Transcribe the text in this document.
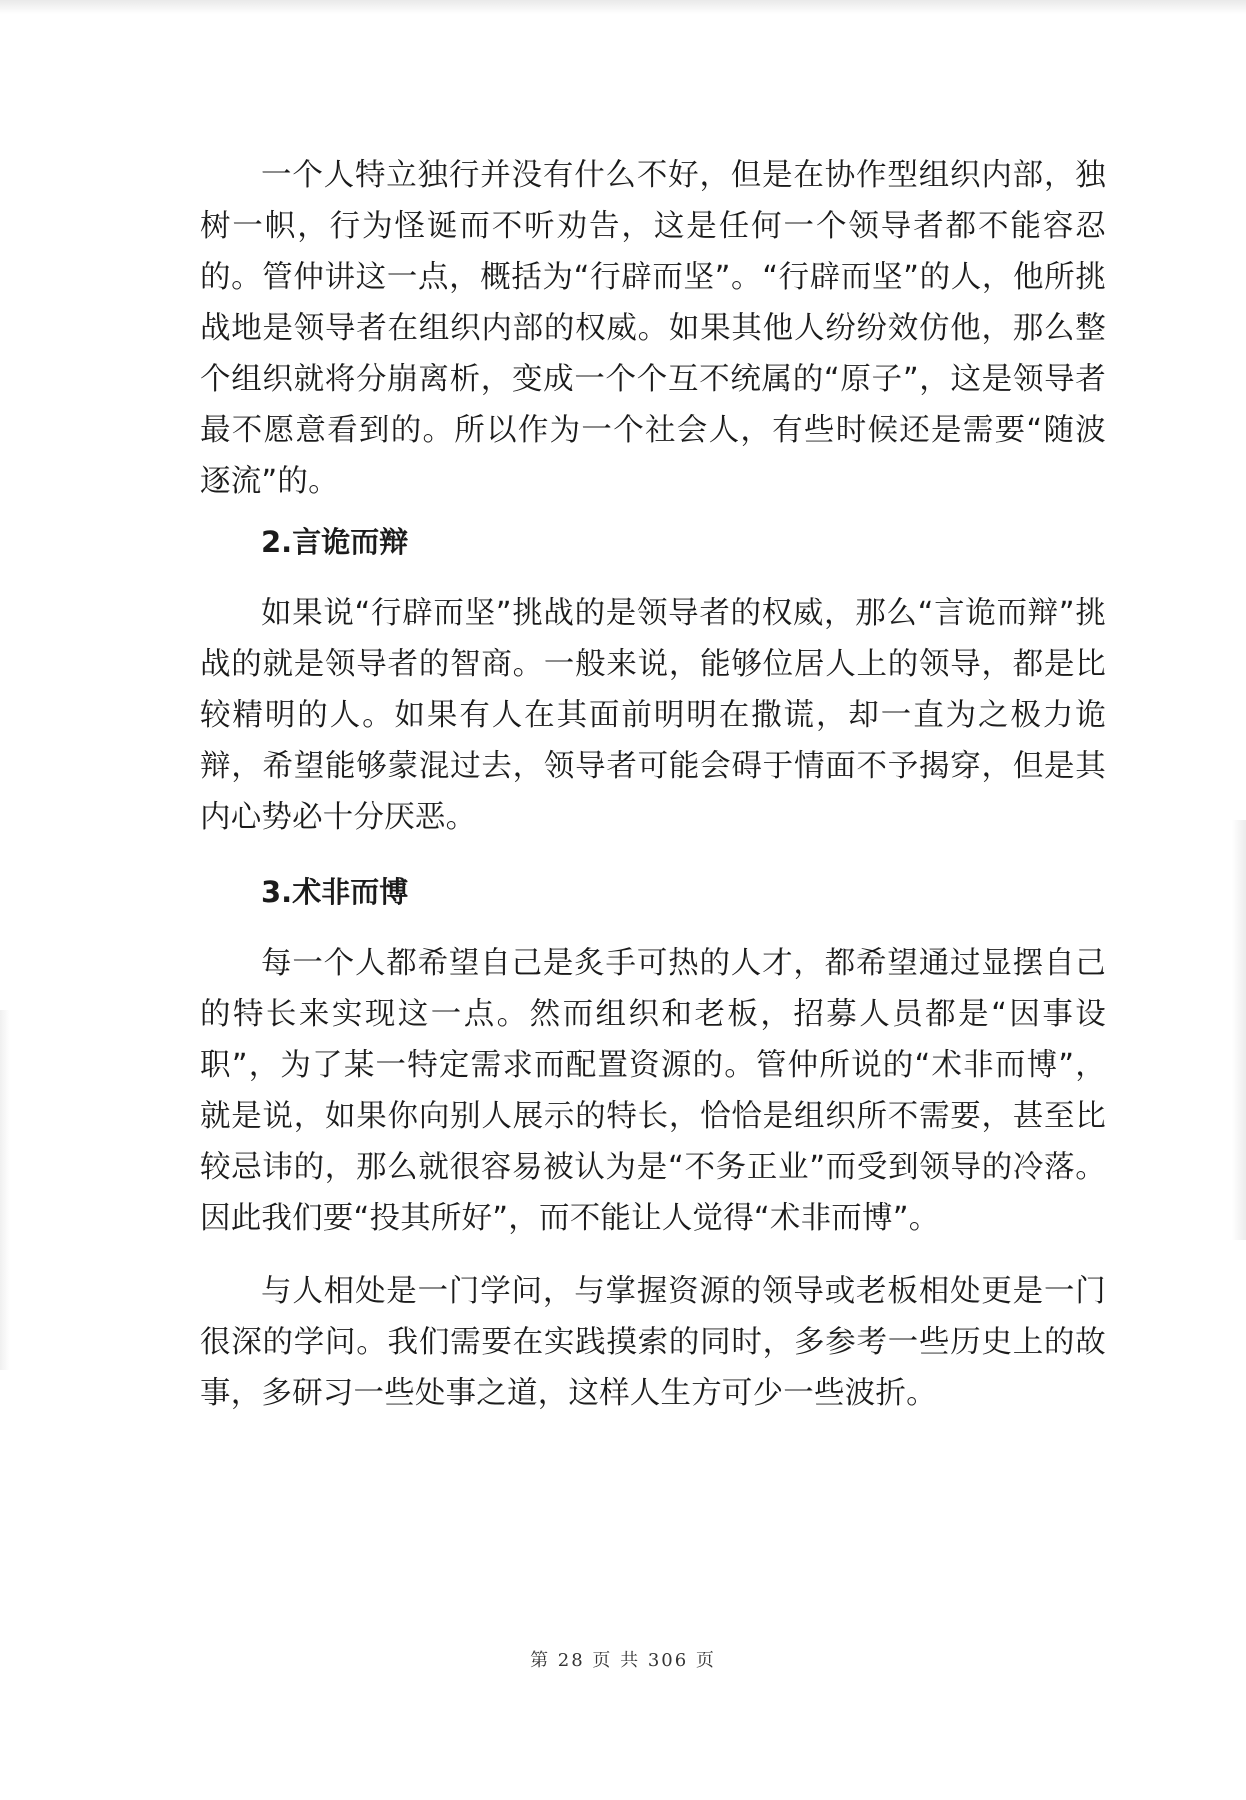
一个人特立独行并没有什么不好，但是在协作型组织内部，独树一帜，行为怪诞而不听劝告，这是任何一个领导者都不能容忍的。管仲讲这一点，概括为“行辟而坚”。“行辟而坚”的人，他所挑战地是领导者在组织内部的权威。如果其他人纷纷效仿他，那么整个组织就将分崩离析，变成一个个互不统属的“原子”，这是领导者最不愿意看到的。所以作为一个社会人，有些时候还是需要“随波逐流”的。

2.言诡而辩

如果说“行辟而坚”挑战的是领导者的权威，那么“言诡而辩”挑战的就是领导者的智商。一般来说，能够位居人上的领导，都是比较精明的人。如果有人在其面前明明在撒谎，却一直为之极力诡辩，希望能够蒙混过去，领导者可能会碍于情面不予揭穿，但是其内心势必十分厌恶。

3.术非而博

每一个人都希望自己是炙手可热的人才，都希望通过显摆自己的特长来实现这一点。然而组织和老板，招募人员都是“因事设职”，为了某一特定需求而配置资源的。管仲所说的“术非而博”，就是说，如果你向别人展示的特长，恰恰是组织所不需要，甚至比较忌讳的，那么就很容易被认为是“不务正业”而受到领导的冷落。因此我们要“投其所好”，而不能让人觉得“术非而博”。

与人相处是一门学问，与掌握资源的领导或老板相处更是一门很深的学问。我们需要在实践摸索的同时，多参考一些历史上的故事，多研习一些处事之道，这样人生方可少一些波折。

第 28 页 共 306 页
